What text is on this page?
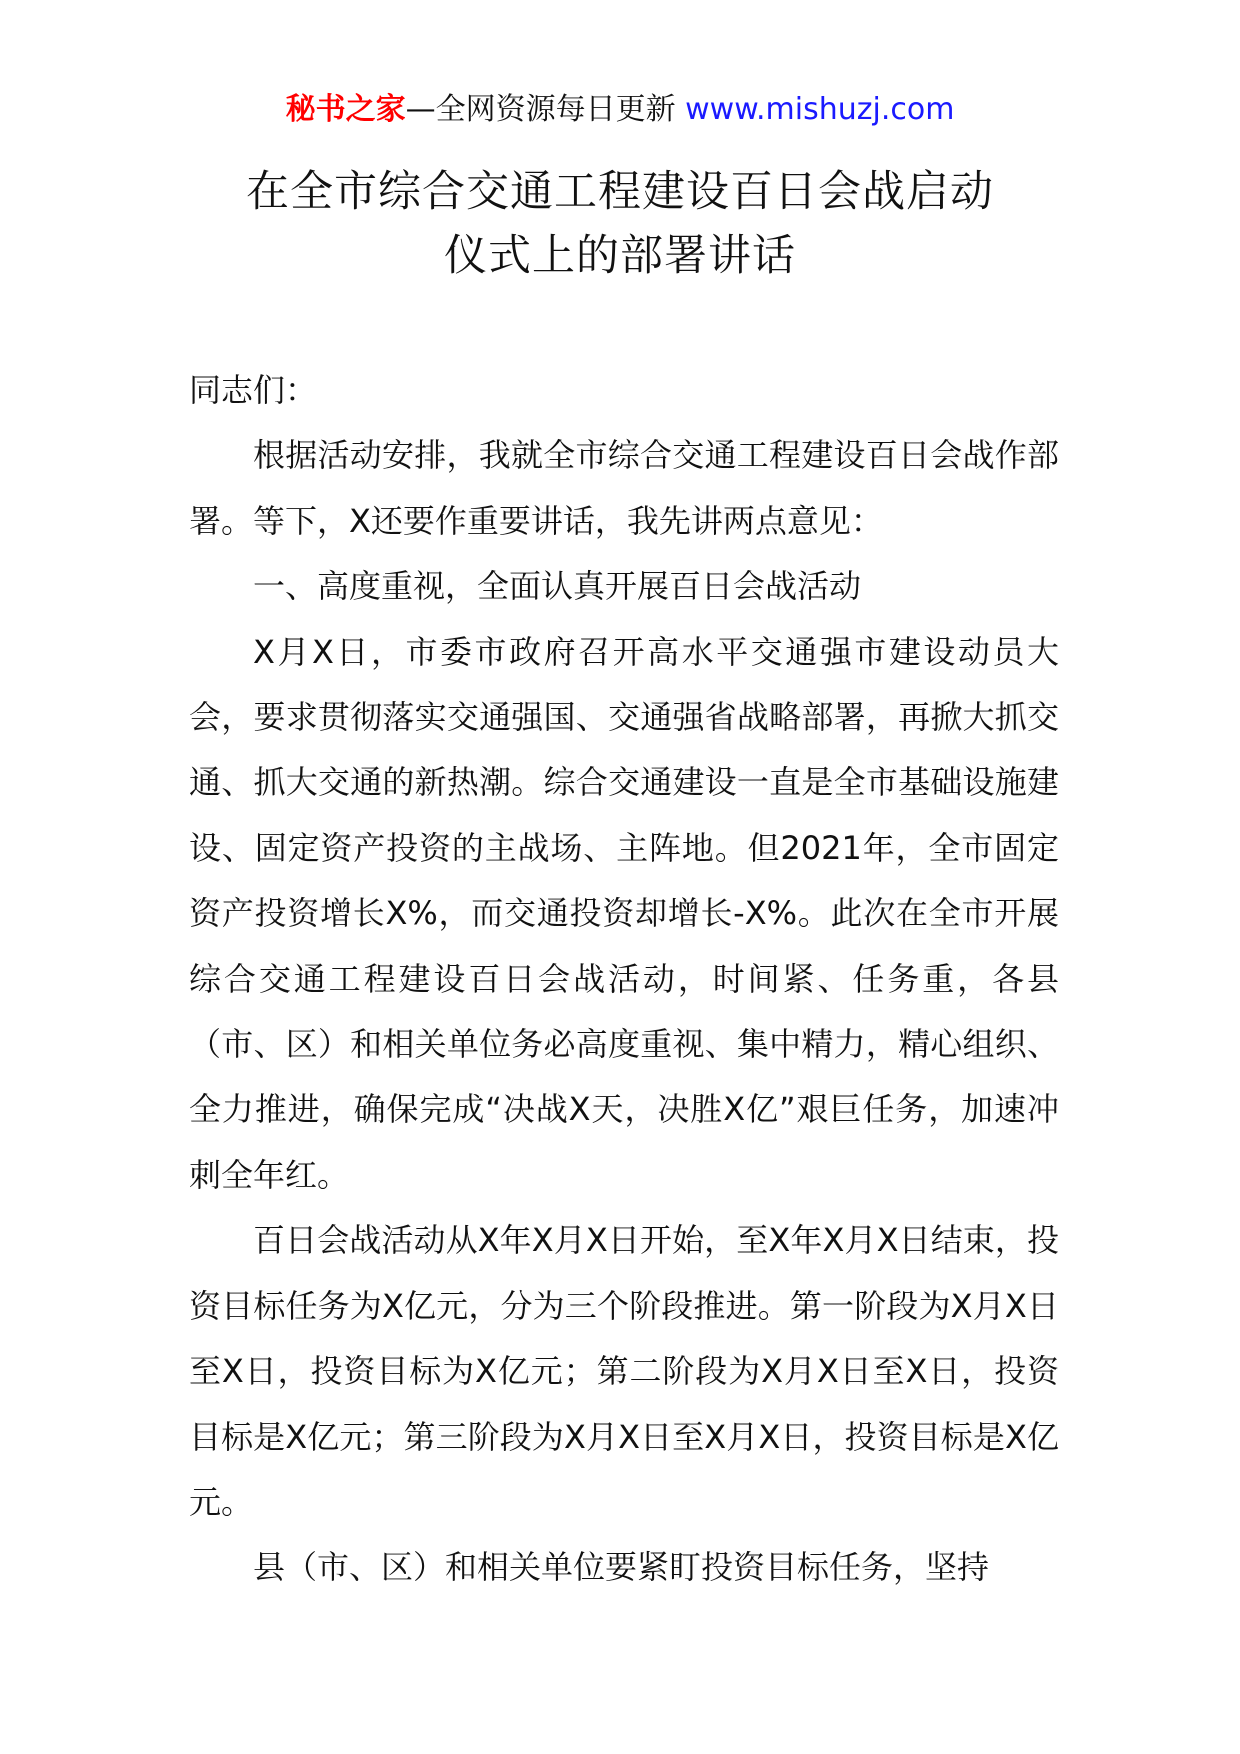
秘书之家—全网资源每日更新 www.mishuzj.com
在全市综合交通工程建设百日会战启动
仪式上的部署讲话

同志们：

根据活动安排，我就全市综合交通工程建设百日会战作部署。等下，X还要作重要讲话，我先讲两点意见：

一、高度重视，全面认真开展百日会战活动

X月X日，市委市政府召开高水平交通强市建设动员大会，要求贯彻落实交通强国、交通强省战略部署，再掀大抓交通、抓大交通的新热潮。综合交通建设一直是全市基础设施建设、固定资产投资的主战场、主阵地。但2021年，全市固定资产投资增长X%，而交通投资却增长-X%。此次在全市开展综合交通工程建设百日会战活动，时间紧、任务重，各县（市、区）和相关单位务必高度重视、集中精力，精心组织、全力推进，确保完成“决战X天，决胜X亿”艰巨任务，加速冲刺全年红。

百日会战活动从X年X月X日开始，至X年X月X日结束，投资目标任务为X亿元，分为三个阶段推进。第一阶段为X月X日至X日，投资目标为X亿元；第二阶段为X月X日至X日，投资目标是X亿元；第三阶段为X月X日至X月X日，投资目标是X亿元。

县（市、区）和相关单位要紧盯投资目标任务，坚持
